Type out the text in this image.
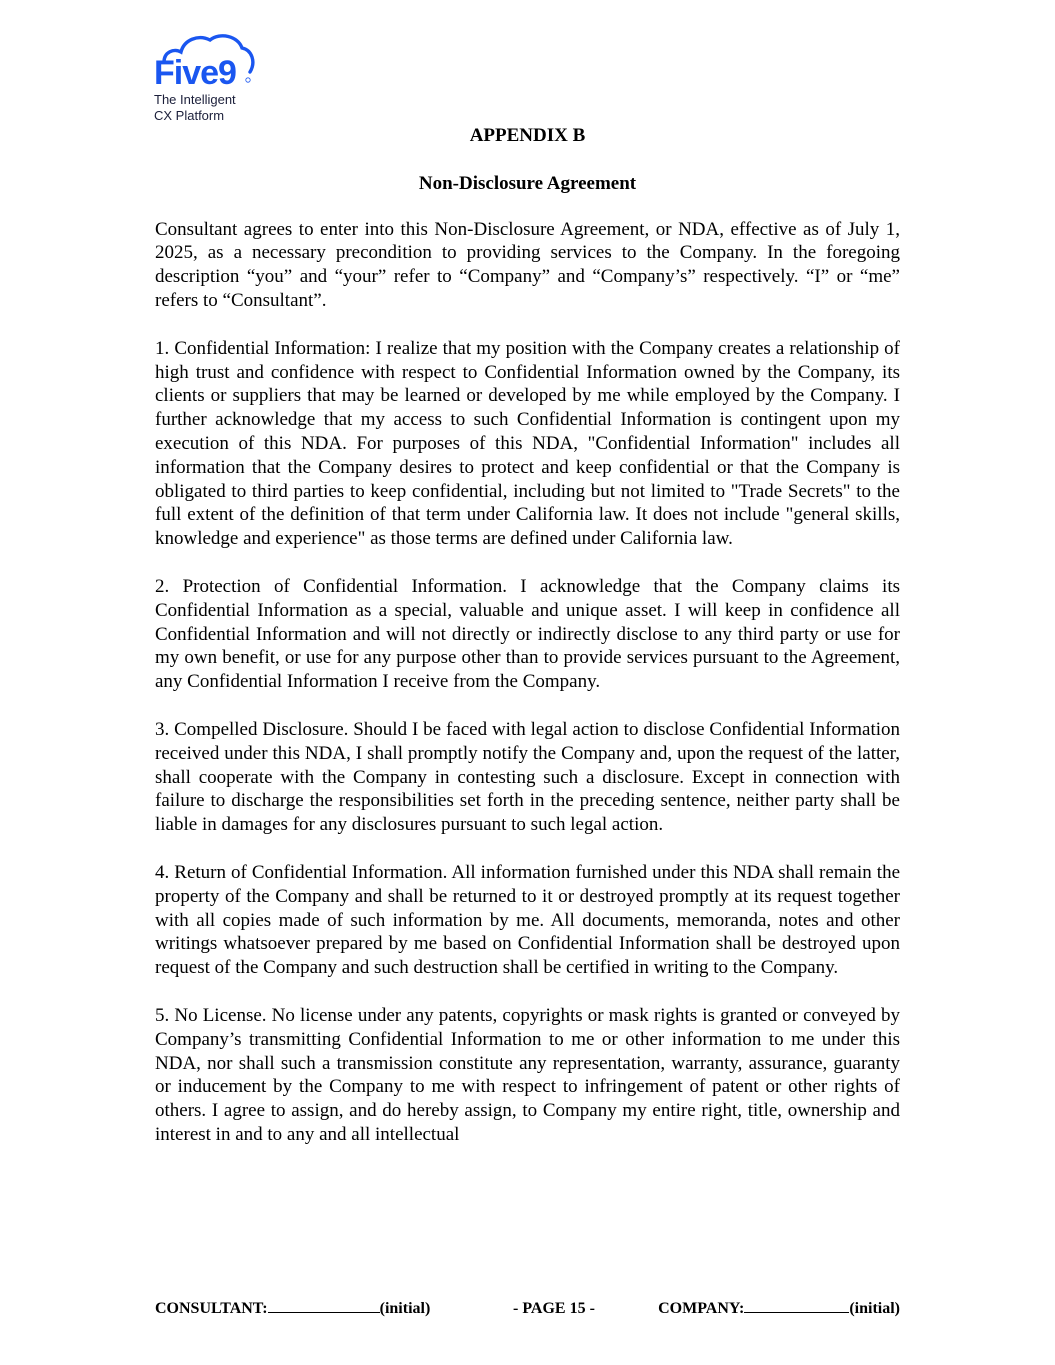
Five9
The Intelligent
CX Platform

APPENDIX B

Non-Disclosure Agreement

Consultant agrees to enter into this Non-Disclosure Agreement, or NDA, effective as of July 1, 2025, as a necessary precondition to providing services to the Company. In the foregoing description “you” and “your” refer to “Company” and “Company’s” respectively. “I” or “me” refers to “Consultant”.

1. Confidential Information: I realize that my position with the Company creates a relationship of high trust and confidence with respect to Confidential Information owned by the Company, its clients or suppliers that may be learned or developed by me while employed by the Company. I further acknowledge that my access to such Confidential Information is contingent upon my execution of this NDA. For purposes of this NDA, "Confidential Information" includes all information that the Company desires to protect and keep confidential or that the Company is obligated to third parties to keep confidential, including but not limited to "Trade Secrets" to the full extent of the definition of that term under California law. It does not include "general skills, knowledge and experience" as those terms are defined under California law.

2. Protection of Confidential Information. I acknowledge that the Company claims its Confidential Information as a special, valuable and unique asset. I will keep in confidence all Confidential Information and will not directly or indirectly disclose to any third party or use for my own benefit, or use for any purpose other than to provide services pursuant to the Agreement, any Confidential Information I receive from the Company.

3. Compelled Disclosure. Should I be faced with legal action to disclose Confidential Information received under this NDA, I shall promptly notify the Company and, upon the request of the latter, shall cooperate with the Company in contesting such a disclosure. Except in connection with failure to discharge the responsibilities set forth in the preceding sentence, neither party shall be liable in damages for any disclosures pursuant to such legal action.

4. Return of Confidential Information. All information furnished under this NDA shall remain the property of the Company and shall be returned to it or destroyed promptly at its request together with all copies made of such information by me. All documents, memoranda, notes and other writings whatsoever prepared by me based on Confidential Information shall be destroyed upon request of the Company and such destruction shall be certified in writing to the Company.

5. No License. No license under any patents, copyrights or mask rights is granted or conveyed by Company’s transmitting Confidential Information to me or other information to me under this NDA, nor shall such a transmission constitute any representation, warranty, assurance, guaranty or inducement by the Company to me with respect to infringement of patent or other rights of others. I agree to assign, and do hereby assign, to Company my entire right, title, ownership and interest in and to any and all intellectual

CONSULTANT:	(initial)	- PAGE 15 -	COMPANY:	(initial)
